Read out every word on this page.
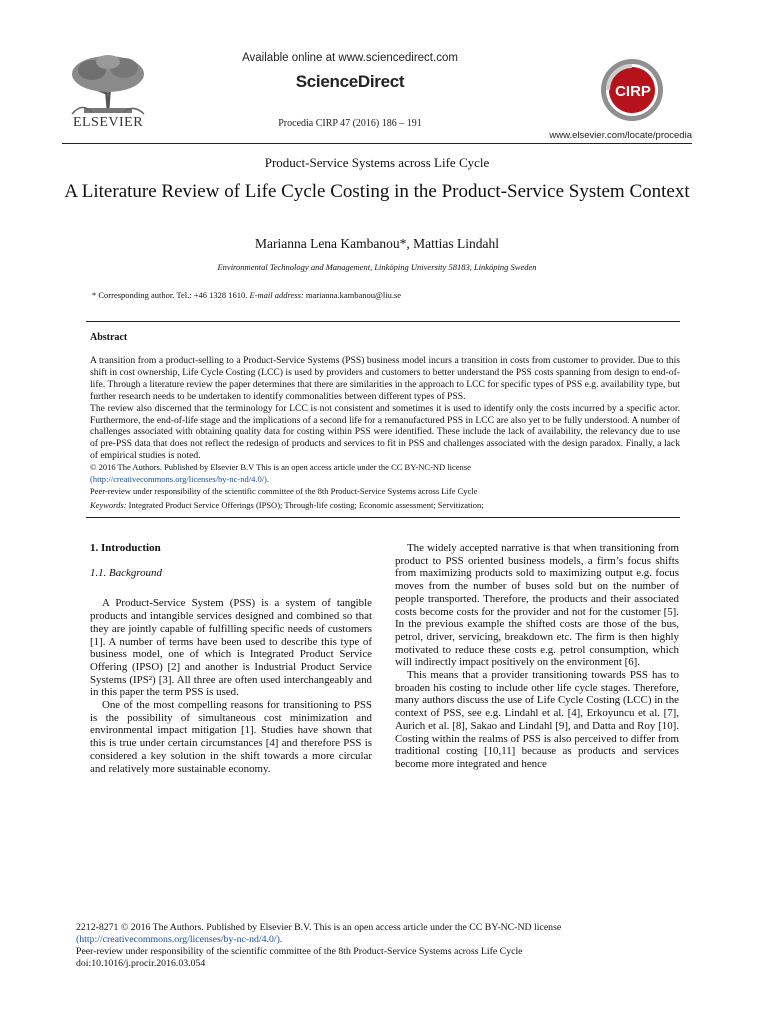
ELSEVIER
Available online at www.sciencedirect.com
ScienceDirect
Procedia CIRP 47 (2016) 186 – 191
CIRP
www.elsevier.com/locate/procedia
Product-Service Systems across Life Cycle
A Literature Review of Life Cycle Costing in the Product-Service System Context
Marianna Lena Kambanou*, Mattias Lindahl
Environmental Technology and Management, Linköping University 58183, Linköping Sweden
* Corresponding author. Tel.: +46 1328 1610. E-mail address: marianna.kambanou@liu.se
Abstract

A transition from a product-selling to a Product-Service Systems (PSS) business model incurs a transition in costs from customer to provider. Due to this shift in cost ownership, Life Cycle Costing (LCC) is used by providers and customers to better understand the PSS costs spanning from design to end-of-life. Through a literature review the paper determines that there are similarities in the approach to LCC for specific types of PSS e.g. availability type, but further research needs to be undertaken to identify commonalities between different types of PSS.

The review also discerned that the terminology for LCC is not consistent and sometimes it is used to identify only the costs incurred by a specific actor. Furthermore, the end-of-life stage and the implications of a second life for a remanufactured PSS in LCC are also yet to be fully understood. A number of challenges associated with obtaining quality data for costing within PSS were identified. These include the lack of availability, the relevancy due to use of pre-PSS data that does not reflect the redesign of products and services to fit in PSS and challenges associated with the design paradox. Finally, a lack of empirical studies is noted.

© 2016 The Authors. Published by Elsevier B.V This is an open access article under the CC BY-NC-ND license

(http://creativecommons.org/licenses/by-nc-nd/4.0/).

Peer-review under responsibility of the scientific committee of the 8th Product-Service Systems across Life Cycle

Keywords: Integrated Product Service Offerings (IPSO); Through-life costing; Economic assessment; Servitization;

1. Introduction
1.1. Background

A Product-Service System (PSS) is a system of tangible products and intangible services designed and combined so that they are jointly capable of fulfilling specific needs of customers [1]. A number of terms have been used to describe this type of business model, one of which is Integrated Product Service Offering (IPSO) [2] and another is Industrial Product Service Systems (IPS²) [3]. All three are often used interchangeably and in this paper the term PSS is used.

One of the most compelling reasons for transitioning to PSS is the possibility of simultaneous cost minimization and environmental impact mitigation [1]. Studies have shown that this is true under certain circumstances [4] and therefore PSS is considered a key solution in the shift towards a more circular and relatively more sustainable economy.

The widely accepted narrative is that when transitioning from product to PSS oriented business models, a firm’s focus shifts from maximizing products sold to maximizing output e.g. focus moves from the number of buses sold but on the number of people transported. Therefore, the products and their associated costs become costs for the provider and not for the customer [5]. In the previous example the shifted costs are those of the bus, petrol, driver, servicing, breakdown etc. The firm is then highly motivated to reduce these costs e.g. petrol consumption, which will indirectly impact positively on the environment [6].

This means that a provider transitioning towards PSS has to broaden his costing to include other life cycle stages. Therefore, many authors discuss the use of Life Cycle Costing (LCC) in the context of PSS, see e.g. Lindahl et al. [4], Erkoyuncu et al. [7], Aurich et al. [8], Sakao and Lindahl [9], and Datta and Roy [10]. Costing within the realms of PSS is also perceived to differ from traditional costing [10,11] because as products and services become more integrated and hence

2212-8271 © 2016 The Authors. Published by Elsevier B.V. This is an open access article under the CC BY-NC-ND license
(http://creativecommons.org/licenses/by-nc-nd/4.0/).
Peer-review under responsibility of the scientific committee of the 8th Product-Service Systems across Life Cycle
doi:10.1016/j.procir.2016.03.054
